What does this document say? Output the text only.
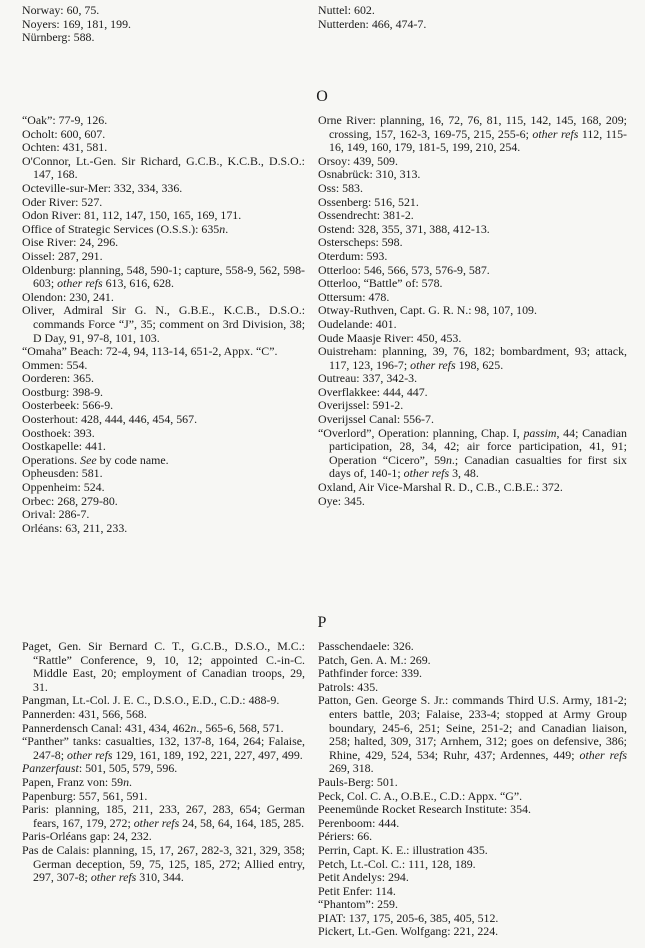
Norway: 60, 75.
Noyers: 169, 181, 199.
Nürnberg: 588.
Nuttel: 602.
Nutterden: 466, 474-7.
O
“Oak”: 77-9, 126.
Ocholt: 600, 607.
Ochten: 431, 581.
O'Connor, Lt.-Gen. Sir Richard, G.C.B., K.C.B., D.S.O.: 147, 168.
Octeville-sur-Mer: 332, 334, 336.
Oder River: 527.
Odon River: 81, 112, 147, 150, 165, 169, 171.
Office of Strategic Services (O.S.S.): 635n.
Oise River: 24, 296.
Oissel: 287, 291.
Oldenburg: planning, 548, 590-1; capture, 558-9, 562, 598-603; other refs 613, 616, 628.
Olendon: 230, 241.
Oliver, Admiral Sir G. N., G.B.E., K.C.B., D.S.O.: commands Force “J”, 35; comment on 3rd Division, 38; D Day, 91, 97-8, 101, 103.
“Omaha” Beach: 72-4, 94, 113-14, 651-2, Appx. “C”.
Ommen: 554.
Oorderen: 365.
Oostburg: 398-9.
Oosterbeek: 566-9.
Oosterhout: 428, 444, 446, 454, 567.
Oosthoek: 393.
Oostkapelle: 441.
Operations. See by code name.
Opheusden: 581.
Oppenheim: 524.
Orbec: 268, 279-80.
Orival: 286-7.
Orléans: 63, 211, 233.
Orne River: planning, 16, 72, 76, 81, 115, 142, 145, 168, 209; crossing, 157, 162-3, 169-75, 215, 255-6; other refs 112, 115-16, 149, 160, 179, 181-5, 199, 210, 254.
Orsoy: 439, 509.
Osnabrück: 310, 313.
Oss: 583.
Ossenberg: 516, 521.
Ossendrecht: 381-2.
Ostend: 328, 355, 371, 388, 412-13.
Osterscheps: 598.
Oterdum: 593.
Otterloo: 546, 566, 573, 576-9, 587.
Otterloo, “Battle” of: 578.
Ottersum: 478.
Otway-Ruthven, Capt. G. R. N.: 98, 107, 109.
Oudelande: 401.
Oude Maasje River: 450, 453.
Ouistreham: planning, 39, 76, 182; bombardment, 93; attack, 117, 123, 196-7; other refs 198, 625.
Outreau: 337, 342-3.
Overflakkee: 444, 447.
Overijssel: 591-2.
Overijssel Canal: 556-7.
“Overlord”, Operation: planning, Chap. I, passim, 44; Canadian participation, 28, 34, 42; air force participation, 41, 91; Operation “Cicero”, 59n.; Canadian casualties for first six days of, 140-1; other refs 3, 48.
Oxland, Air Vice-Marshal R. D., C.B., C.B.E.: 372.
Oye: 345.
P
Paget, Gen. Sir Bernard C. T., G.C.B., D.S.O., M.C.: “Rattle” Conference, 9, 10, 12; appointed C.-in-C. Middle East, 20; employment of Canadian troops, 29, 31.
Pangman, Lt.-Col. J. E. C., D.S.O., E.D., C.D.: 488-9.
Pannerden: 431, 566, 568.
Pannerdensch Canal: 431, 434, 462n., 565-6, 568, 571.
“Panther” tanks: casualties, 132, 137-8, 164, 264; Falaise, 247-8; other refs 129, 161, 189, 192, 221, 227, 497, 499.
Panzerfaust: 501, 505, 579, 596.
Papen, Franz von: 59n.
Papenburg: 557, 561, 591.
Paris: planning, 185, 211, 233, 267, 283, 654; German fears, 167, 179, 272; other refs 24, 58, 64, 164, 185, 285.
Paris-Orléans gap: 24, 232.
Pas de Calais: planning, 15, 17, 267, 282-3, 321, 329, 358; German deception, 59, 75, 125, 185, 272; Allied entry, 297, 307-8; other refs 310, 344.
Passchendaele: 326.
Patch, Gen. A. M.: 269.
Pathfinder force: 339.
Patrols: 435.
Patton, Gen. George S. Jr.: commands Third U.S. Army, 181-2; enters battle, 203; Falaise, 233-4; stopped at Army Group boundary, 245-6, 251; Seine, 251-2; and Canadian liaison, 258; halted, 309, 317; Arnhem, 312; goes on defensive, 386; Rhine, 429, 524, 534; Ruhr, 437; Ardennes, 449; other refs 269, 318.
Pauls-Berg: 501.
Peck, Col. C. A., O.B.E., C.D.: Appx. “G”.
Peenemünde Rocket Research Institute: 354.
Perenboom: 444.
Périers: 66.
Perrin, Capt. K. E.: illustration 435.
Petch, Lt.-Col. C.: 111, 128, 189.
Petit Andelys: 294.
Petit Enfer: 114.
“Phantom”: 259.
PIAT: 137, 175, 205-6, 385, 405, 512.
Pickert, Lt.-Gen. Wolfgang: 221, 224.
